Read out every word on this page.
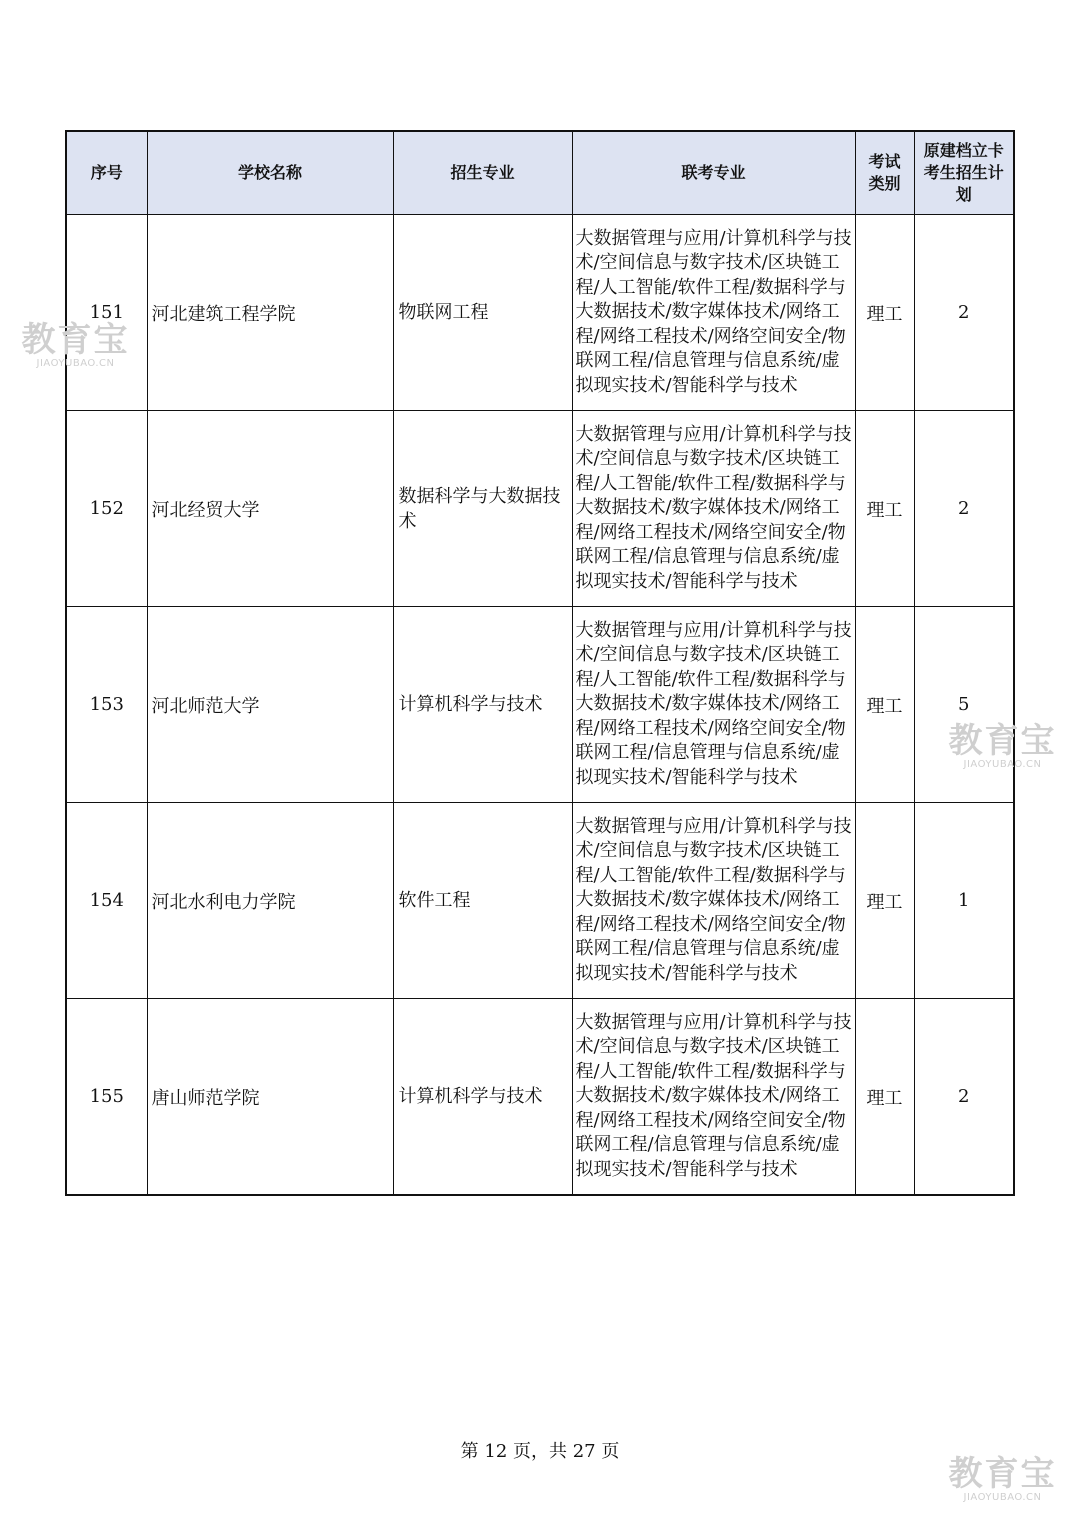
序号	学校名称	招生专业	联考专业	考试类别	原建档立卡考生招生计划
151	河北建筑工程学院	物联网工程	大数据管理与应用/计算机科学与技术/空间信息与数字技术/区块链工程/人工智能/软件工程/数据科学与大数据技术/数字媒体技术/网络工程/网络工程技术/网络空间安全/物联网工程/信息管理与信息系统/虚拟现实技术/智能科学与技术	理工	2
152	河北经贸大学	数据科学与大数据技术	大数据管理与应用/计算机科学与技术/空间信息与数字技术/区块链工程/人工智能/软件工程/数据科学与大数据技术/数字媒体技术/网络工程/网络工程技术/网络空间安全/物联网工程/信息管理与信息系统/虚拟现实技术/智能科学与技术	理工	2
153	河北师范大学	计算机科学与技术	大数据管理与应用/计算机科学与技术/空间信息与数字技术/区块链工程/人工智能/软件工程/数据科学与大数据技术/数字媒体技术/网络工程/网络工程技术/网络空间安全/物联网工程/信息管理与信息系统/虚拟现实技术/智能科学与技术	理工	5
154	河北水利电力学院	软件工程	大数据管理与应用/计算机科学与技术/空间信息与数字技术/区块链工程/人工智能/软件工程/数据科学与大数据技术/数字媒体技术/网络工程/网络工程技术/网络空间安全/物联网工程/信息管理与信息系统/虚拟现实技术/智能科学与技术	理工	1
155	唐山师范学院	计算机科学与技术	大数据管理与应用/计算机科学与技术/空间信息与数字技术/区块链工程/人工智能/软件工程/数据科学与大数据技术/数字媒体技术/网络工程/网络工程技术/网络空间安全/物联网工程/信息管理与信息系统/虚拟现实技术/智能科学与技术	理工	2
第 12 页，共 27 页
教育宝
JIAOYUBAO.CN
教育宝
JIAOYUBAO.CN
教育宝
JIAOYUBAO.CN
